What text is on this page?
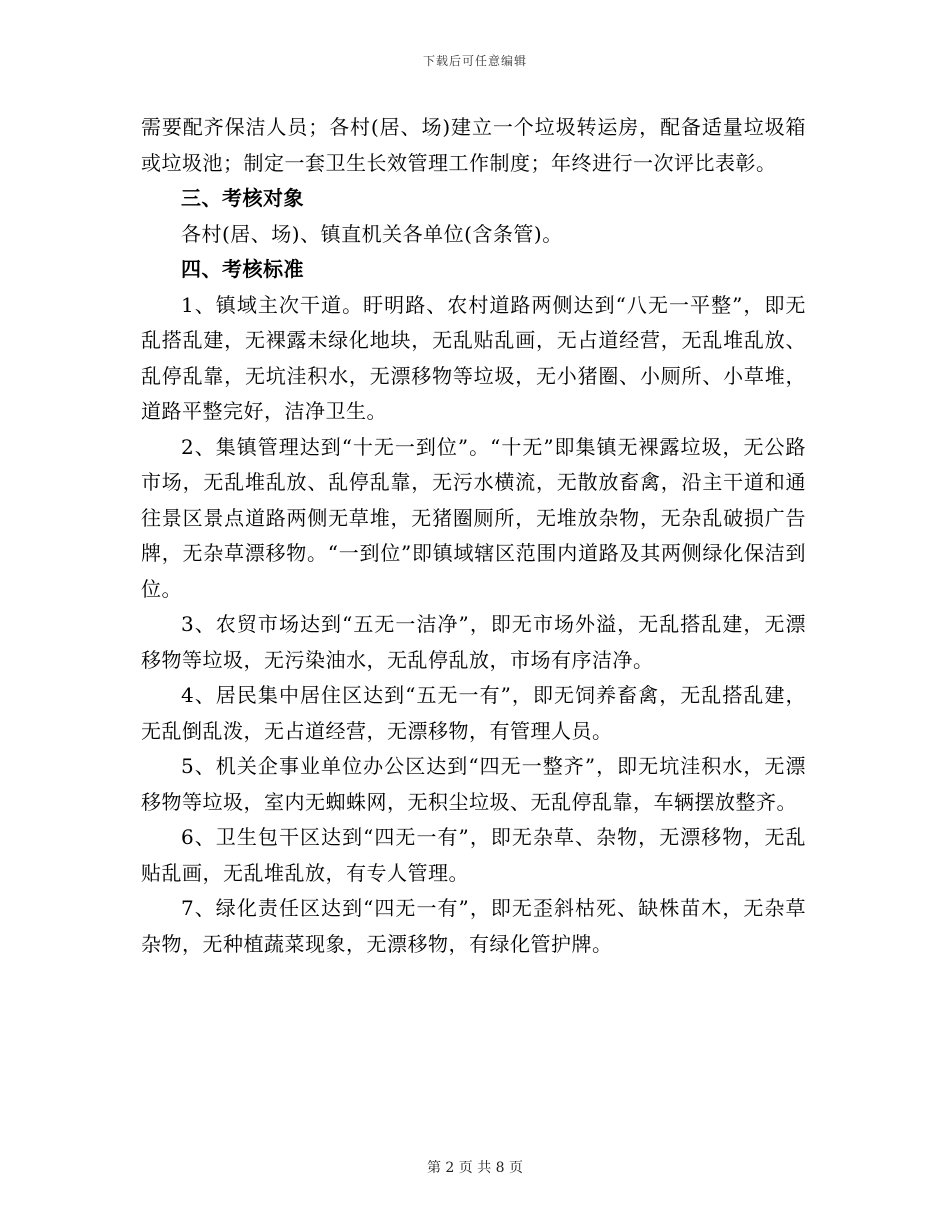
下载后可任意编辑

需要配齐保洁人员；各村(居、场)建立一个垃圾转运房，配备适量垃圾箱或垃圾池；制定一套卫生长效管理工作制度；年终进行一次评比表彰。

三、考核对象

各村(居、场)、镇直机关各单位(含条管)。

四、考核标准

1、镇域主次干道。盱明路、农村道路两侧达到“八无一平整”，即无乱搭乱建，无裸露未绿化地块，无乱贴乱画，无占道经营，无乱堆乱放、乱停乱靠，无坑洼积水，无漂移物等垃圾，无小猪圈、小厕所、小草堆，道路平整完好，洁净卫生。

2、集镇管理达到“十无一到位”。“十无”即集镇无裸露垃圾，无公路市场，无乱堆乱放、乱停乱靠，无污水横流，无散放畜禽，沿主干道和通往景区景点道路两侧无草堆，无猪圈厕所，无堆放杂物，无杂乱破损广告牌，无杂草漂移物。“一到位”即镇域辖区范围内道路及其两侧绿化保洁到位。

3、农贸市场达到“五无一洁净”，即无市场外溢，无乱搭乱建，无漂移物等垃圾，无污染油水，无乱停乱放，市场有序洁净。

4、居民集中居住区达到“五无一有”，即无饲养畜禽，无乱搭乱建，无乱倒乱泼，无占道经营，无漂移物，有管理人员。

5、机关企事业单位办公区达到“四无一整齐”，即无坑洼积水，无漂移物等垃圾，室内无蜘蛛网，无积尘垃圾、无乱停乱靠，车辆摆放整齐。

6、卫生包干区达到“四无一有”，即无杂草、杂物，无漂移物，无乱贴乱画，无乱堆乱放，有专人管理。

7、绿化责任区达到“四无一有”，即无歪斜枯死、缺株苗木，无杂草杂物，无种植蔬菜现象，无漂移物，有绿化管护牌。

第 2 页 共 8 页
